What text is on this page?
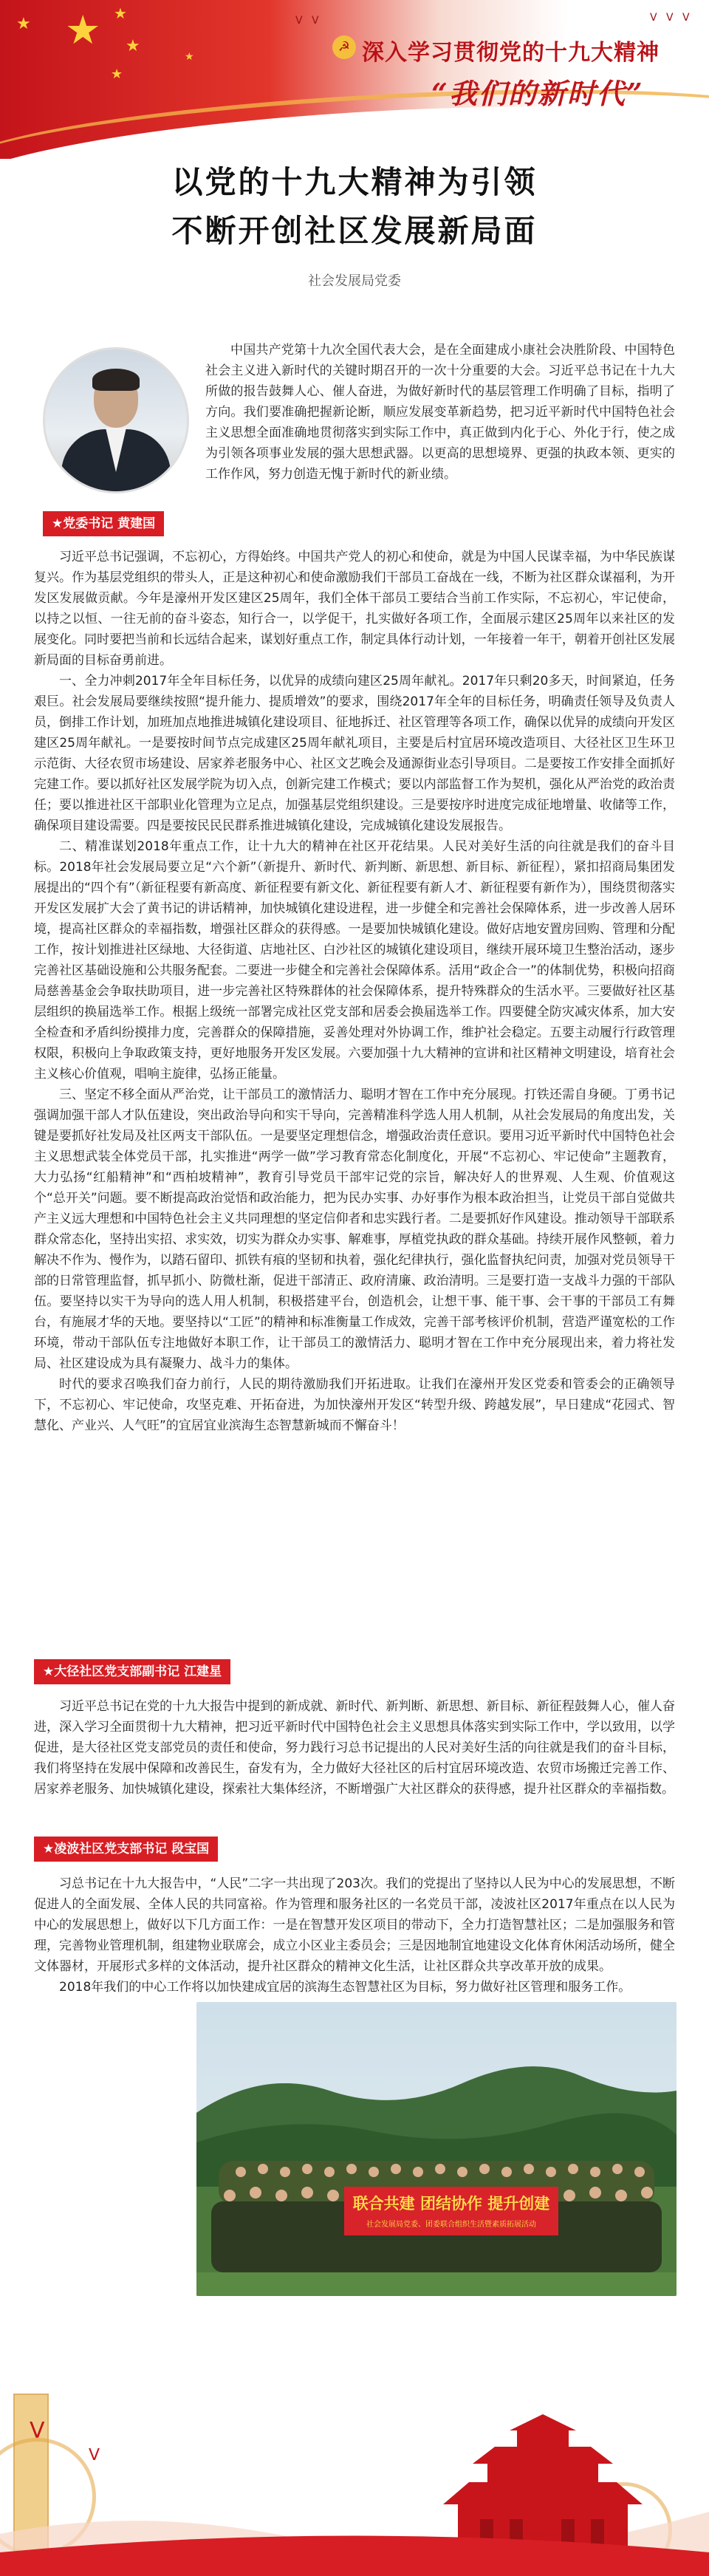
★
★
★
★
★
★
ᐯ ᐯ	ᐯ ᐯ ᐯ
☭ 深入学习贯彻党的十九大精神
“我们的新时代”
以党的十九大精神为引领
不断开创社区发展新局面
社会发展局党委
★党委书记 黄建国

中国共产党第十九次全国代表大会，是在全面建成小康社会决胜阶段、中国特色社会主义进入新时代的关键时期召开的一次十分重要的大会。习近平总书记在十九大所做的报告鼓舞人心、催人奋进，为做好新时代的基层管理工作明确了目标，指明了方向。我们要准确把握新论断，顺应发展变革新趋势，把习近平新时代中国特色社会主义思想全面准确地贯彻落实到实际工作中，真正做到内化于心、外化于行，使之成为引领各项事业发展的强大思想武器。以更高的思想境界、更强的执政本领、更实的工作作风，努力创造无愧于新时代的新业绩。

习近平总书记强调，不忘初心，方得始终。中国共产党人的初心和使命，就是为中国人民谋幸福，为中华民族谋复兴。作为基层党组织的带头人，正是这种初心和使命激励我们干部员工奋战在一线，不断为社区群众谋福利，为开发区发展做贡献。今年是濠州开发区建区25周年，我们全体干部员工要结合当前工作实际，不忘初心，牢记使命，以持之以恒、一往无前的奋斗姿态，知行合一，以学促干，扎实做好各项工作，全面展示建区25周年以来社区的发展变化。同时要把当前和长远结合起来，谋划好重点工作，制定具体行动计划，一年接着一年干，朝着开创社区发展新局面的目标奋勇前进。

一、全力冲刺2017年全年目标任务，以优异的成绩向建区25周年献礼。2017年只剩20多天，时间紧迫，任务艰巨。社会发展局要继续按照“提升能力、提质增效”的要求，围绕2017年全年的目标任务，明确责任领导及负责人员，倒排工作计划，加班加点地推进城镇化建设项目、征地拆迁、社区管理等各项工作，确保以优异的成绩向开发区建区25周年献礼。一是要按时间节点完成建区25周年献礼项目，主要是后村宜居环境改造项目、大径社区卫生环卫示范街、大径农贸市场建设、居家养老服务中心、社区文艺晚会及通源街业态引导项目。二是要按工作安排全面抓好完建工作。要以抓好社区发展学院为切入点，创新完建工作模式；要以内部监督工作为契机，强化从严治党的政治责任；要以推进社区干部职业化管理为立足点，加强基层党组织建设。三是要按序时进度完成征地增量、收储等工作，确保项目建设需要。四是要按民民民群系推进城镇化建设，完成城镇化建设发展报告。

二、精准谋划2018年重点工作，让十九大的精神在社区开花结果。人民对美好生活的向往就是我们的奋斗目标。2018年社会发展局要立足“六个新”（新提升、新时代、新判断、新思想、新目标、新征程），紧扣招商局集团发展提出的“四个有”（新征程要有新高度、新征程要有新文化、新征程要有新人才、新征程要有新作为），围绕贯彻落实开发区发展扩大会了黄书记的讲话精神，加快城镇化建设进程，进一步健全和完善社会保障体系，进一步改善人居环境，提高社区群众的幸福指数，增强社区群众的获得感。一是要加快城镇化建设。做好店地安置房回购、管理和分配工作，按计划推进社区绿地、大径街道、店地社区、白沙社区的城镇化建设项目，继续开展环境卫生整治活动，逐步完善社区基础设施和公共服务配套。二要进一步健全和完善社会保障体系。活用“政企合一”的体制优势，积极向招商局慈善基金会争取扶助项目，进一步完善社区特殊群体的社会保障体系，提升特殊群众的生活水平。三要做好社区基层组织的换届选举工作。根据上级统一部署完成社区党支部和居委会换届选举工作。四要健全防灾减灾体系，加大安全检查和矛盾纠纷摸排力度，完善群众的保障措施，妥善处理对外协调工作，维护社会稳定。五要主动履行行政管理权限，积极向上争取政策支持，更好地服务开发区发展。六要加强十九大精神的宣讲和社区精神文明建设，培育社会主义核心价值观，唱响主旋律，弘扬正能量。

三、坚定不移全面从严治党，让干部员工的激情活力、聪明才智在工作中充分展现。打铁还需自身硬。丁勇书记强调加强干部人才队伍建设，突出政治导向和实干导向，完善精准科学选人用人机制，从社会发展局的角度出发，关键是要抓好社发局及社区两支干部队伍。一是要坚定理想信念，增强政治责任意识。要用习近平新时代中国特色社会主义思想武装全体党员干部，扎实推进“两学一做”学习教育常态化制度化，开展“不忘初心、牢记使命”主题教育，大力弘扬“红船精神”和“西柏坡精神”，教育引导党员干部牢记党的宗旨，解决好人的世界观、人生观、价值观这个“总开关”问题。要不断提高政治觉悟和政治能力，把为民办实事、办好事作为根本政治担当，让党员干部自觉做共产主义远大理想和中国特色社会主义共同理想的坚定信仰者和忠实践行者。二是要抓好作风建设。推动领导干部联系群众常态化，坚持出实招、求实效，切实为群众办实事、解难事，厚植党执政的群众基础。持续开展作风整顿，着力解决不作为、慢作为，以踏石留印、抓铁有痕的坚韧和执着，强化纪律执行，强化监督执纪问责，加强对党员领导干部的日常管理监督，抓早抓小、防微杜渐，促进干部清正、政府清廉、政治清明。三是要打造一支战斗力强的干部队伍。要坚持以实干为导向的选人用人机制，积极搭建平台，创造机会，让想干事、能干事、会干事的干部员工有舞台，有施展才华的天地。要坚持以“工匠”的精神和标准衡量工作成效，完善干部考核评价机制，营造严谨宽松的工作环境，带动干部队伍专注地做好本职工作，让干部员工的激情活力、聪明才智在工作中充分展现出来，着力将社发局、社区建设成为具有凝聚力、战斗力的集体。

时代的要求召唤我们奋力前行，人民的期待激励我们开拓进取。让我们在濠州开发区党委和管委会的正确领导下，不忘初心、牢记使命，攻坚克难、开拓奋进，为加快濠州开发区“转型升级、跨越发展”，早日建成“花园式、智慧化、产业兴、人气旺”的宜居宜业滨海生态智慧新城而不懈奋斗！

★大径社区党支部副书记 江建星

习近平总书记在党的十九大报告中提到的新成就、新时代、新判断、新思想、新目标、新征程鼓舞人心，催人奋进，深入学习全面贯彻十九大精神，把习近平新时代中国特色社会主义思想具体落实到实际工作中，学以致用，以学促进，是大径社区党支部党员的责任和使命，努力践行习总书记提出的人民对美好生活的向往就是我们的奋斗目标，我们将坚持在发展中保障和改善民生，奋发有为，全力做好大径社区的后村宜居环境改造、农贸市场搬迁完善工作、居家养老服务、加快城镇化建设，探索社大集体经济，不断增强广大社区群众的获得感，提升社区群众的幸福指数。

★凌波社区党支部书记 段宝国

习总书记在十九大报告中，“人民”二字一共出现了203次。我们的党提出了坚持以人民为中心的发展思想，不断促进人的全面发展、全体人民的共同富裕。作为管理和服务社区的一名党员干部，凌波社区2017年重点在以人民为中心的发展思想上，做好以下几方面工作：一是在智慧开发区项目的带动下，全力打造智慧社区；二是加强服务和管理，完善物业管理机制，组建物业联席会，成立小区业主委员会；三是因地制宜地建设文化体育休闲活动场所，健全文体器材，开展形式多样的文体活动，提升社区群众的精神文化生活，让社区群众共享改革开放的成果。

2018年我们的中心工作将以加快建成宜居的滨海生态智慧社区为目标，努力做好社区管理和服务工作。

联合共建 团结协作 提升创建
社会发展局党委、团委联合组织生活暨素质拓展活动
ᐯ
ᐯ
